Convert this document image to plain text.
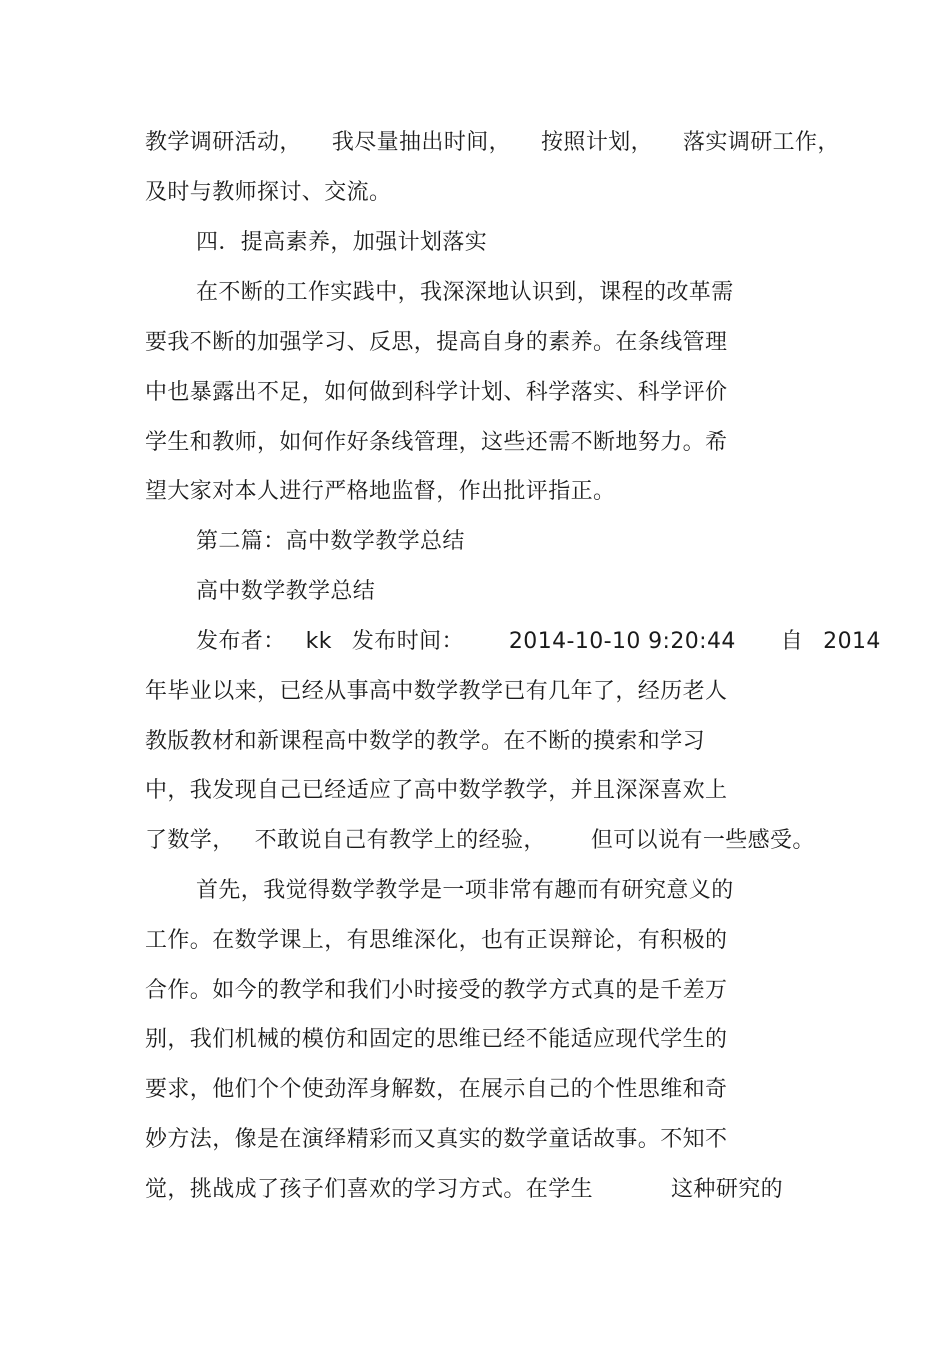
教学调研活动， 我尽量抽出时间， 按照计划， 落实调研工作，
及时与教师探讨、交流。
四．提高素养，加强计划落实
在不断的工作实践中，我深深地认识到，课程的改革需
要我不断的加强学习、反思，提高自身的素养。在条线管理
中也暴露出不足，如何做到科学计划、科学落实、科学评价
学生和教师，如何作好条线管理，这些还需不断地努力。希
望大家对本人进行严格地监督，作出批评指正。
第二篇：高中数学教学总结
高中数学教学总结
发布者： kk 发布时间： 2014-10-10 9:20:44 自 2014
年毕业以来，已经从事高中数学教学已有几年了，经历老人
教版教材和新课程高中数学的教学。在不断的摸索和学习
中，我发现自己已经适应了高中数学教学，并且深深喜欢上
了数学， 不敢说自己有教学上的经验， 但可以说有一些感受。
首先，我觉得数学教学是一项非常有趣而有研究意义的
工作。在数学课上，有思维深化，也有正误辩论，有积极的
合作。如今的教学和我们小时接受的教学方式真的是千差万
别，我们机械的模仿和固定的思维已经不能适应现代学生的
要求，他们个个使劲浑身解数，在展示自己的个性思维和奇
妙方法，像是在演绎精彩而又真实的数学童话故事。不知不
觉，挑战成了孩子们喜欢的学习方式。在学生	这种研究的
